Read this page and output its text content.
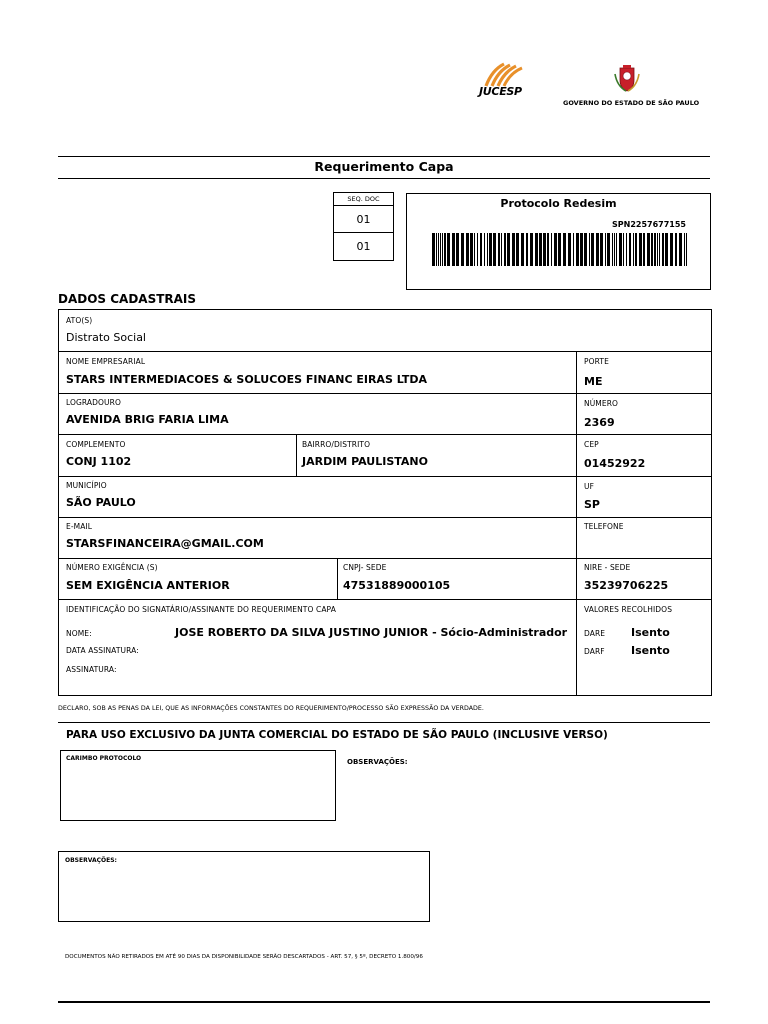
JUCESP
GOVERNO DO ESTADO DE SÃO PAULO
Requerimento Capa
SEQ. DOC
01
01
Protocolo Redesim
SPN2257677155
DADOS CADASTRAIS
ATO(S)
Distrato Social
NOME EMPRESARIAL
STARS INTERMEDIACOES & SOLUCOES FINANC EIRAS LTDA
PORTE
ME
LOGRADOURO
AVENIDA BRIG FARIA LIMA
NÚMERO
2369
COMPLEMENTO
CONJ 1102
BAIRRO/DISTRITO
JARDIM PAULISTANO
CEP
01452922
MUNICÍPIO
SÃO PAULO
UF
SP
E-MAIL
STARSFINANCEIRA@GMAIL.COM
TELEFONE
NÚMERO EXIGÊNCIA (S)
SEM EXIGÊNCIA ANTERIOR
CNPJ- SEDE
47531889000105
NIRE - SEDE
35239706225
IDENTIFICAÇÃO DO SIGNATÁRIO/ASSINANTE DO REQUERIMENTO CAPA
NOME:	JOSE ROBERTO DA SILVA JUSTINO JUNIOR - Sócio-Administrador
DATA ASSINATURA:
ASSINATURA:
VALORES RECOLHIDOS
DARE Isento
DARF Isento
DECLARO, SOB AS PENAS DA LEI, QUE AS INFORMAÇÕES CONSTANTES DO REQUERIMENTO/PROCESSO SÃO EXPRESSÃO DA VERDADE.
PARA USO EXCLUSIVO DA JUNTA COMERCIAL DO ESTADO DE SÃO PAULO (INCLUSIVE VERSO)
CARIMBO PROTOCOLO	OBSERVAÇÕES:
OBSERVAÇÕES:
DOCUMENTOS NÃO RETIRADOS EM ATÉ 90 DIAS DA DISPONIBILIDADE SERÃO DESCARTADOS - ART. 57, § 5º, DECRETO 1.800/96
